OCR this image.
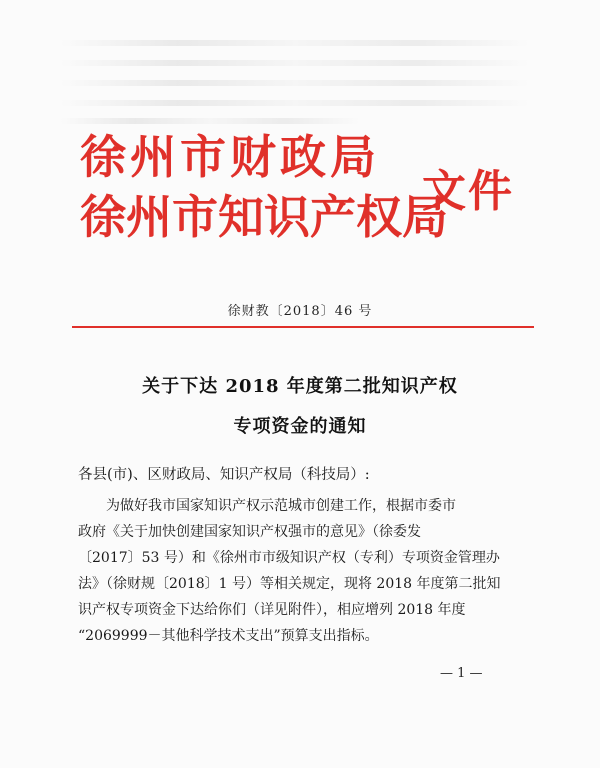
徐州市财政局
徐州市知识产权局
文件
徐财教〔2018〕46 号
关于下达 2018 年度第二批知识产权
专项资金的通知
各县(市)、区财政局、知识产权局（科技局）:
为做好我市国家知识产权示范城市创建工作，根据市委市
政府《关于加快创建国家知识产权强市的意见》（徐委发
〔2017〕53 号）和《徐州市市级知识产权（专利）专项资金管理办
法》（徐财规〔2018〕1 号）等相关规定，现将 2018 年度第二批知
识产权专项资金下达给你们（详见附件），相应增列 2018 年度
“2069999－其他科学技术支出”预算支出指标。
— 1 —
